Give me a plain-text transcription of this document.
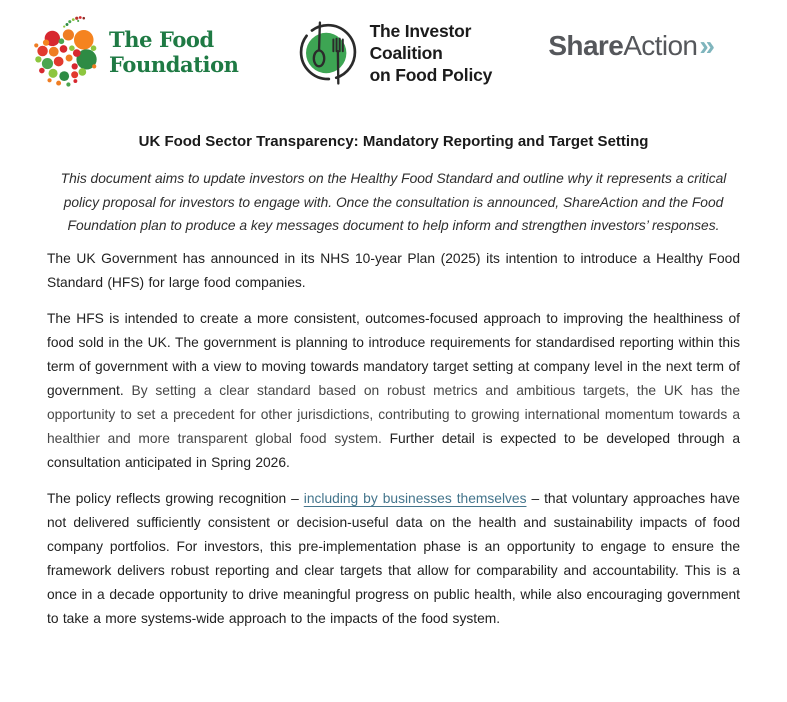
The Food
Foundation
The Investor Coalition
on Food Policy
ShareAction»
UK Food Sector Transparency: Mandatory Reporting and Target Setting

This document aims to update investors on the Healthy Food Standard and outline why it represents a critical policy proposal for investors to engage with. Once the consultation is announced, ShareAction and the Food Foundation plan to produce a key messages document to help inform and strengthen investors’ responses.

The UK Government has announced in its NHS 10-year Plan (2025) its intention to introduce a Healthy Food Standard (HFS) for large food companies.

The HFS is intended to create a more consistent, outcomes-focused approach to improving the healthiness of food sold in the UK. The government is planning to introduce requirements for standardised reporting within this term of government with a view to moving towards mandatory target setting at company level in the next term of government. By setting a clear standard based on robust metrics and ambitious targets, the UK has the opportunity to set a precedent for other jurisdictions, contributing to growing international momentum towards a healthier and more transparent global food system. Further detail is expected to be developed through a consultation anticipated in Spring 2026.

The policy reflects growing recognition – including by businesses themselves – that voluntary approaches have not delivered sufficiently consistent or decision-useful data on the health and sustainability impacts of food company portfolios. For investors, this pre-implementation phase is an opportunity to engage to ensure the framework delivers robust reporting and clear targets that allow for comparability and accountability. This is a once in a decade opportunity to drive meaningful progress on public health, while also encouraging government to take a more systems-wide approach to the impacts of the food system.
